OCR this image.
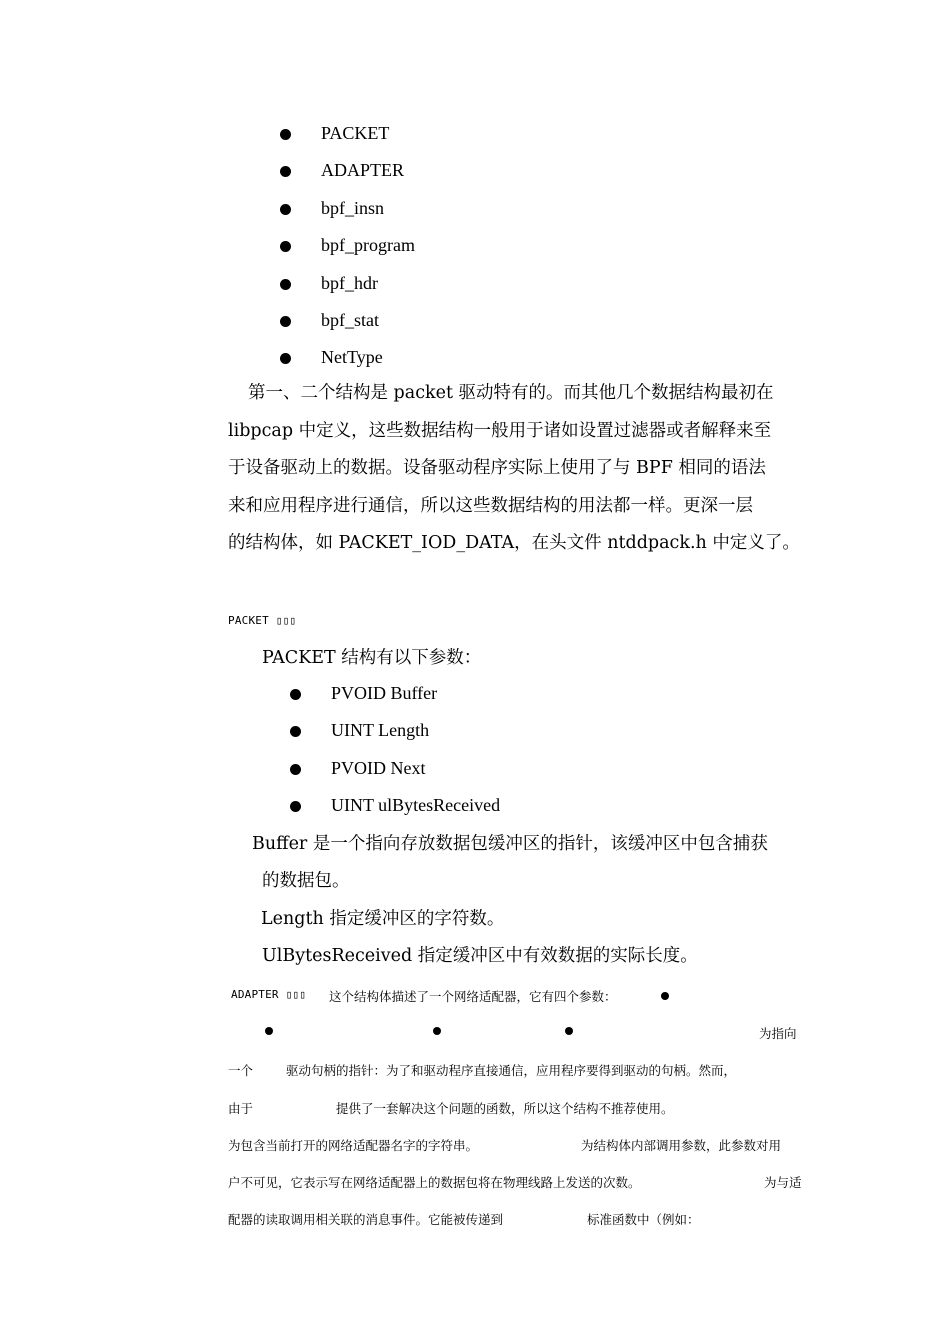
PACKET
ADAPTER
bpf_insn
bpf_program
bpf_hdr
bpf_stat
NetType
第一、二个结构是 packet 驱动特有的。而其他几个数据结构最初在
libpcap 中定义，这些数据结构一般用于诸如设置过滤器或者解释来至
于设备驱动上的数据。设备驱动程序实际上使用了与 BPF 相同的语法
来和应用程序进行通信，所以这些数据结构的用法都一样。更深一层
的结构体，如 PACKET_IOD_DATA，在头文件 ntddpack.h 中定义了。
PACKET ▯▯▯
PACKET 结构有以下参数：
PVOID Buffer
UINT Length
PVOID Next
UINT ulBytesReceived
Buffer 是一个指向存放数据包缓冲区的指针，该缓冲区中包含捕获
的数据包。
Length 指定缓冲区的字符数。
UlBytesReceived 指定缓冲区中有效数据的实际长度。
ADAPTER ▯▯▯ 这个结构体描述了一个网络适配器，它有四个参数：
为指向
一个	驱动句柄的指针：为了和驱动程序直接通信，应用程序要得到驱动的句柄。然而，
由于	提供了一套解决这个问题的函数，所以这个结构不推荐使用。
为包含当前打开的网络适配器名字的字符串。	为结构体内部调用参数，此参数对用
户不可见，它表示写在网络适配器上的数据包将在物理线路上发送的次数。	为与适
配器的读取调用相关联的消息事件。它能被传递到	标准函数中（例如：
